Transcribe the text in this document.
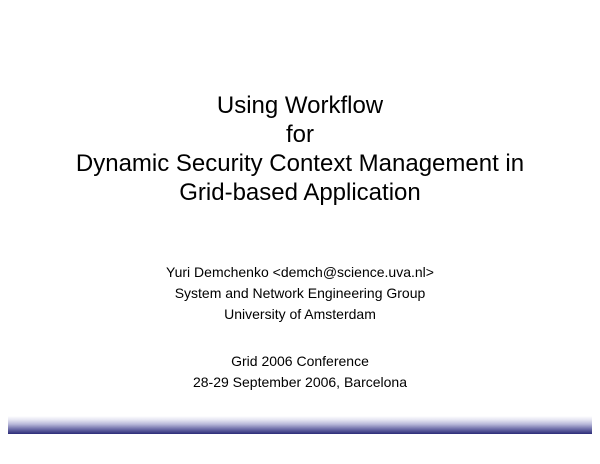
Using Workflow
for
Dynamic Security Context Management in
Grid-based Application
Yuri Demchenko <demch@science.uva.nl>
System and Network Engineering Group
University of Amsterdam
Grid 2006 Conference
28-29 September 2006, Barcelona
